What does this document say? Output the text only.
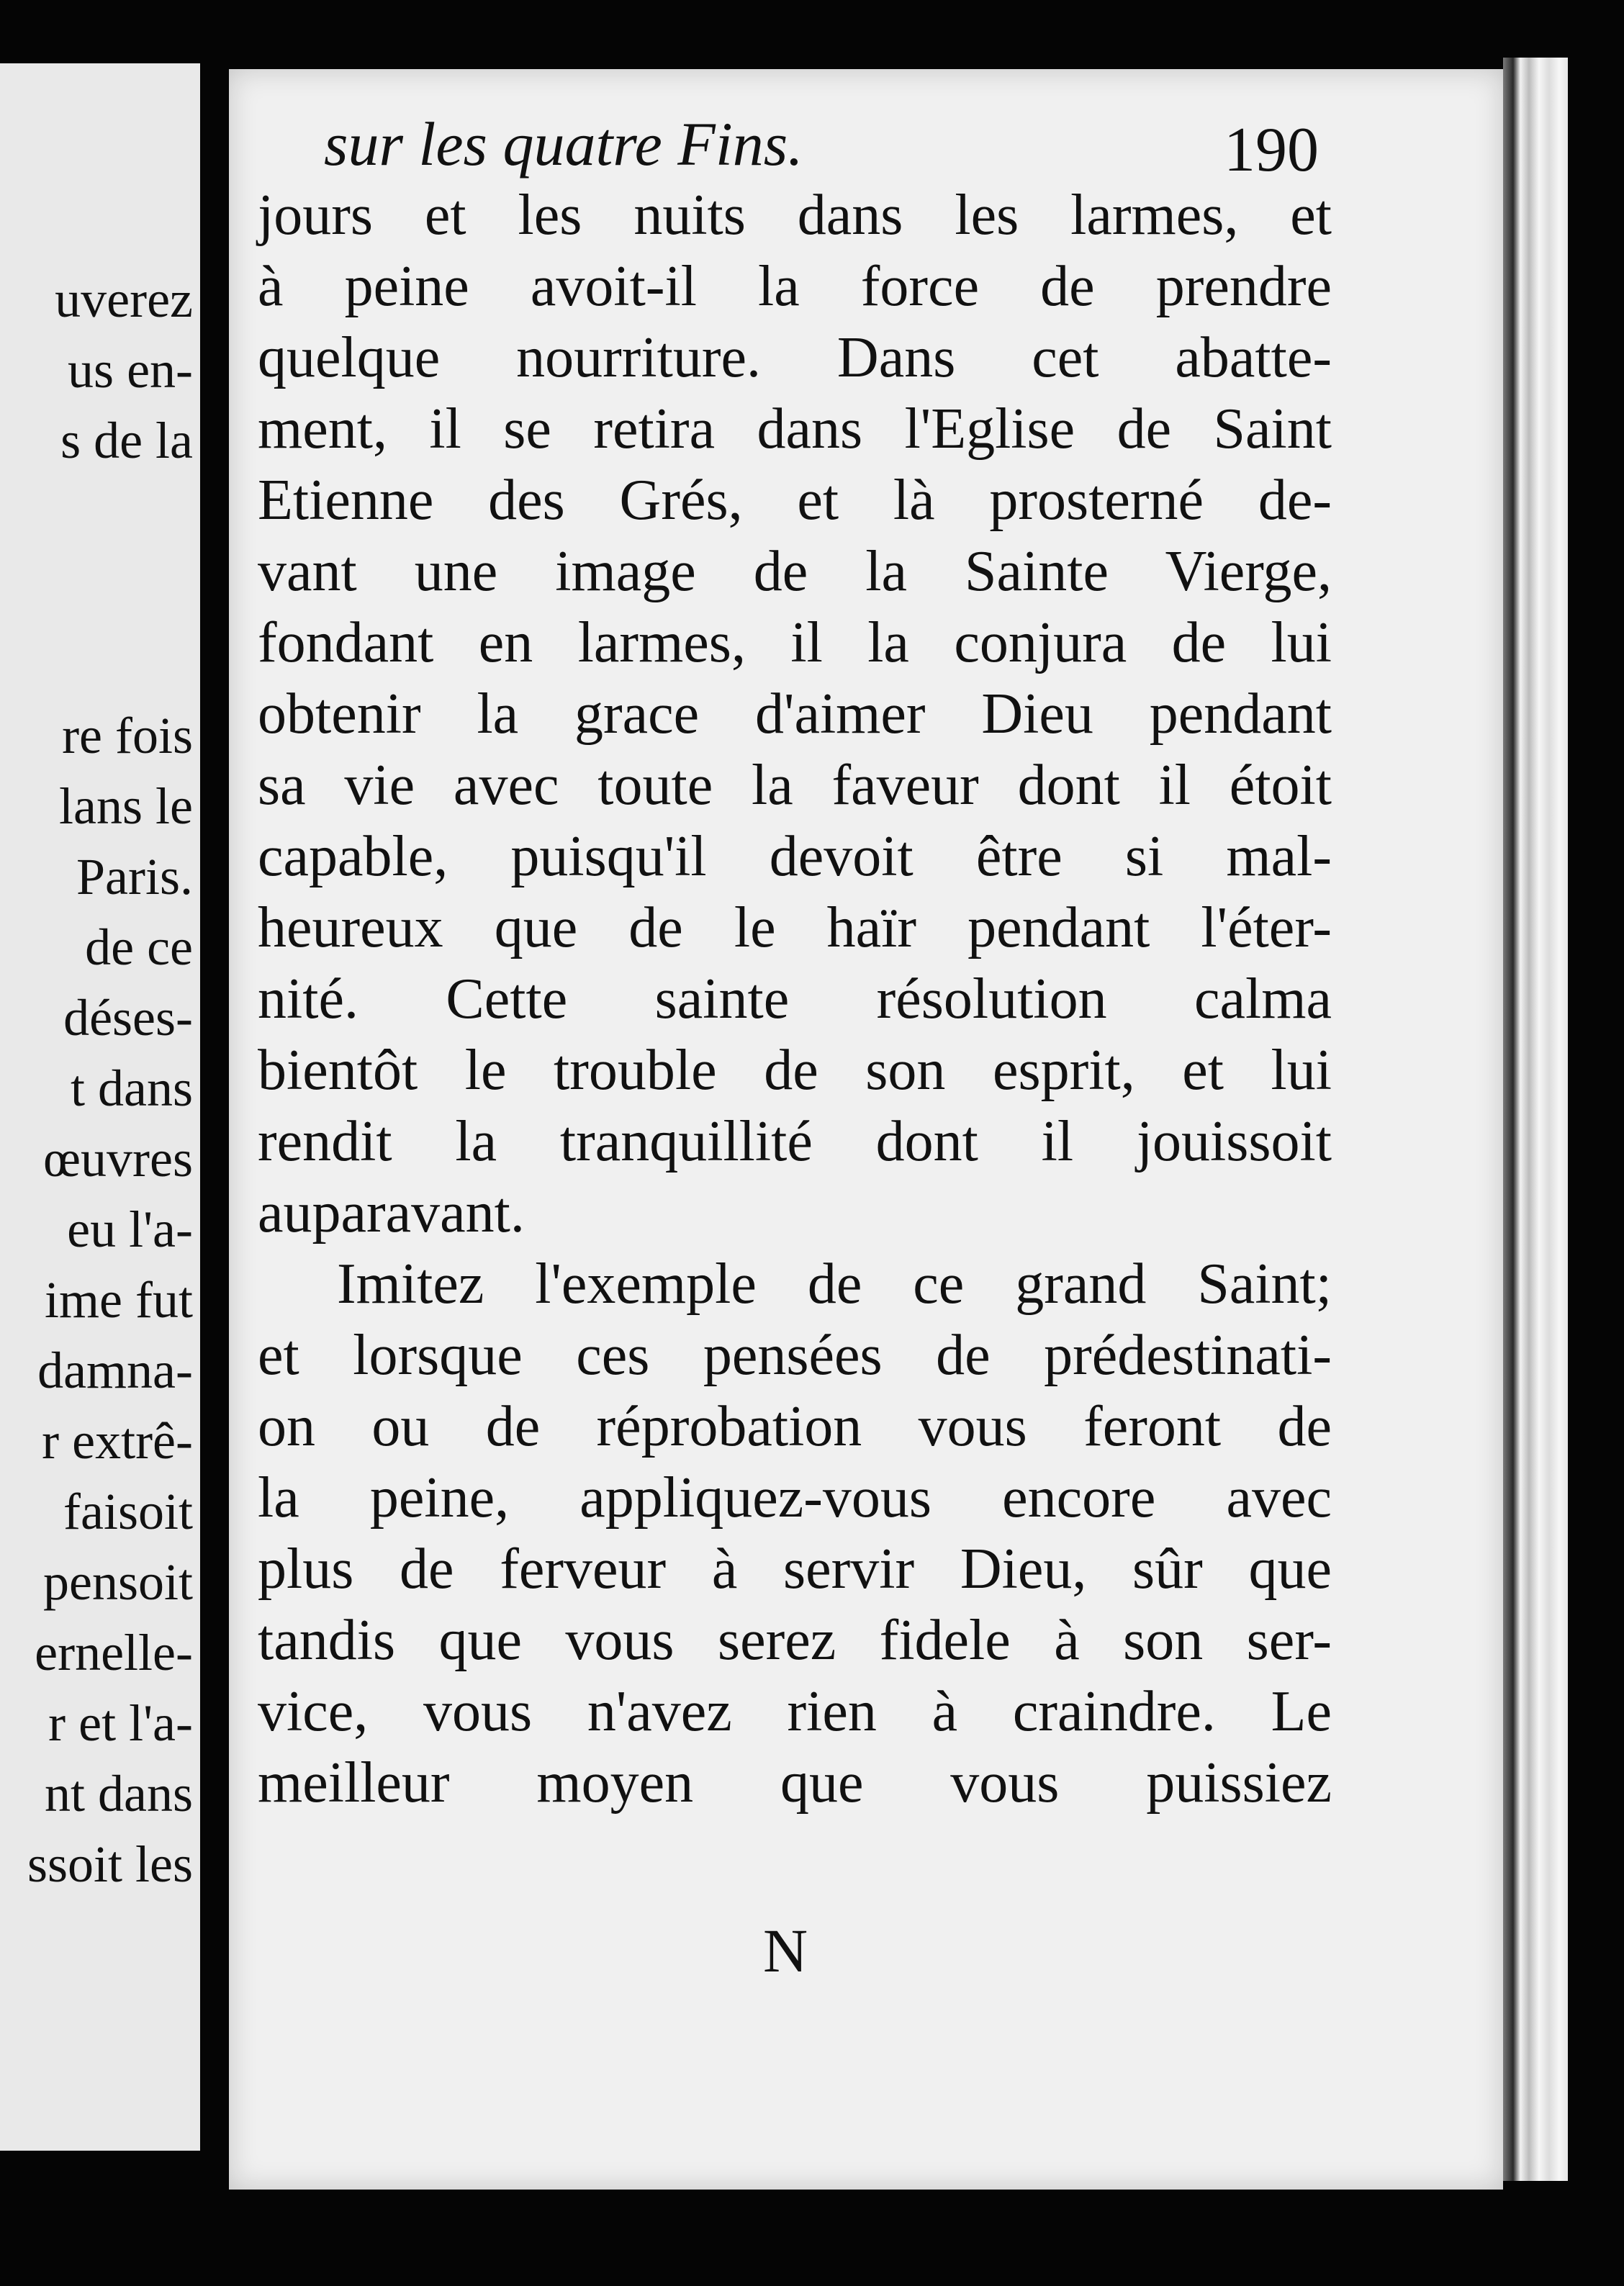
uverez
us en-
s de la
re fois
lans le
Paris.
de ce
déses-
t dans
œuvres
eu l'a-
ime fut
damna-
r extrê-
faisoit
pensoit
ernelle-
r et l'a-
nt dans
ssoit les
sur les quatre Fins.	190
jours et les nuits dans les larmes, et
à peine avoit-il la force de prendre
quelque nourriture. Dans cet abatte-
ment, il se retira dans l'Eglise de Saint
Etienne des Grés, et là prosterné de-
vant une image de la Sainte Vierge,
fondant en larmes, il la conjura de lui
obtenir la grace d'aimer Dieu pendant
sa vie avec toute la faveur dont il étoit
capable, puisqu'il devoit être si mal-
heureux que de le haïr pendant l'éter-
nité. Cette sainte résolution calma
bientôt le trouble de son esprit, et lui
rendit la tranquillité dont il jouissoit
auparavant.
Imitez l'exemple de ce grand Saint;
et lorsque ces pensées de prédestinati-
on ou de réprobation vous feront de
la peine, appliquez-vous encore avec
plus de ferveur à servir Dieu, sûr que
tandis que vous serez fidele à son ser-
vice, vous n'avez rien à craindre. Le
meilleur moyen que vous puissiez
N
